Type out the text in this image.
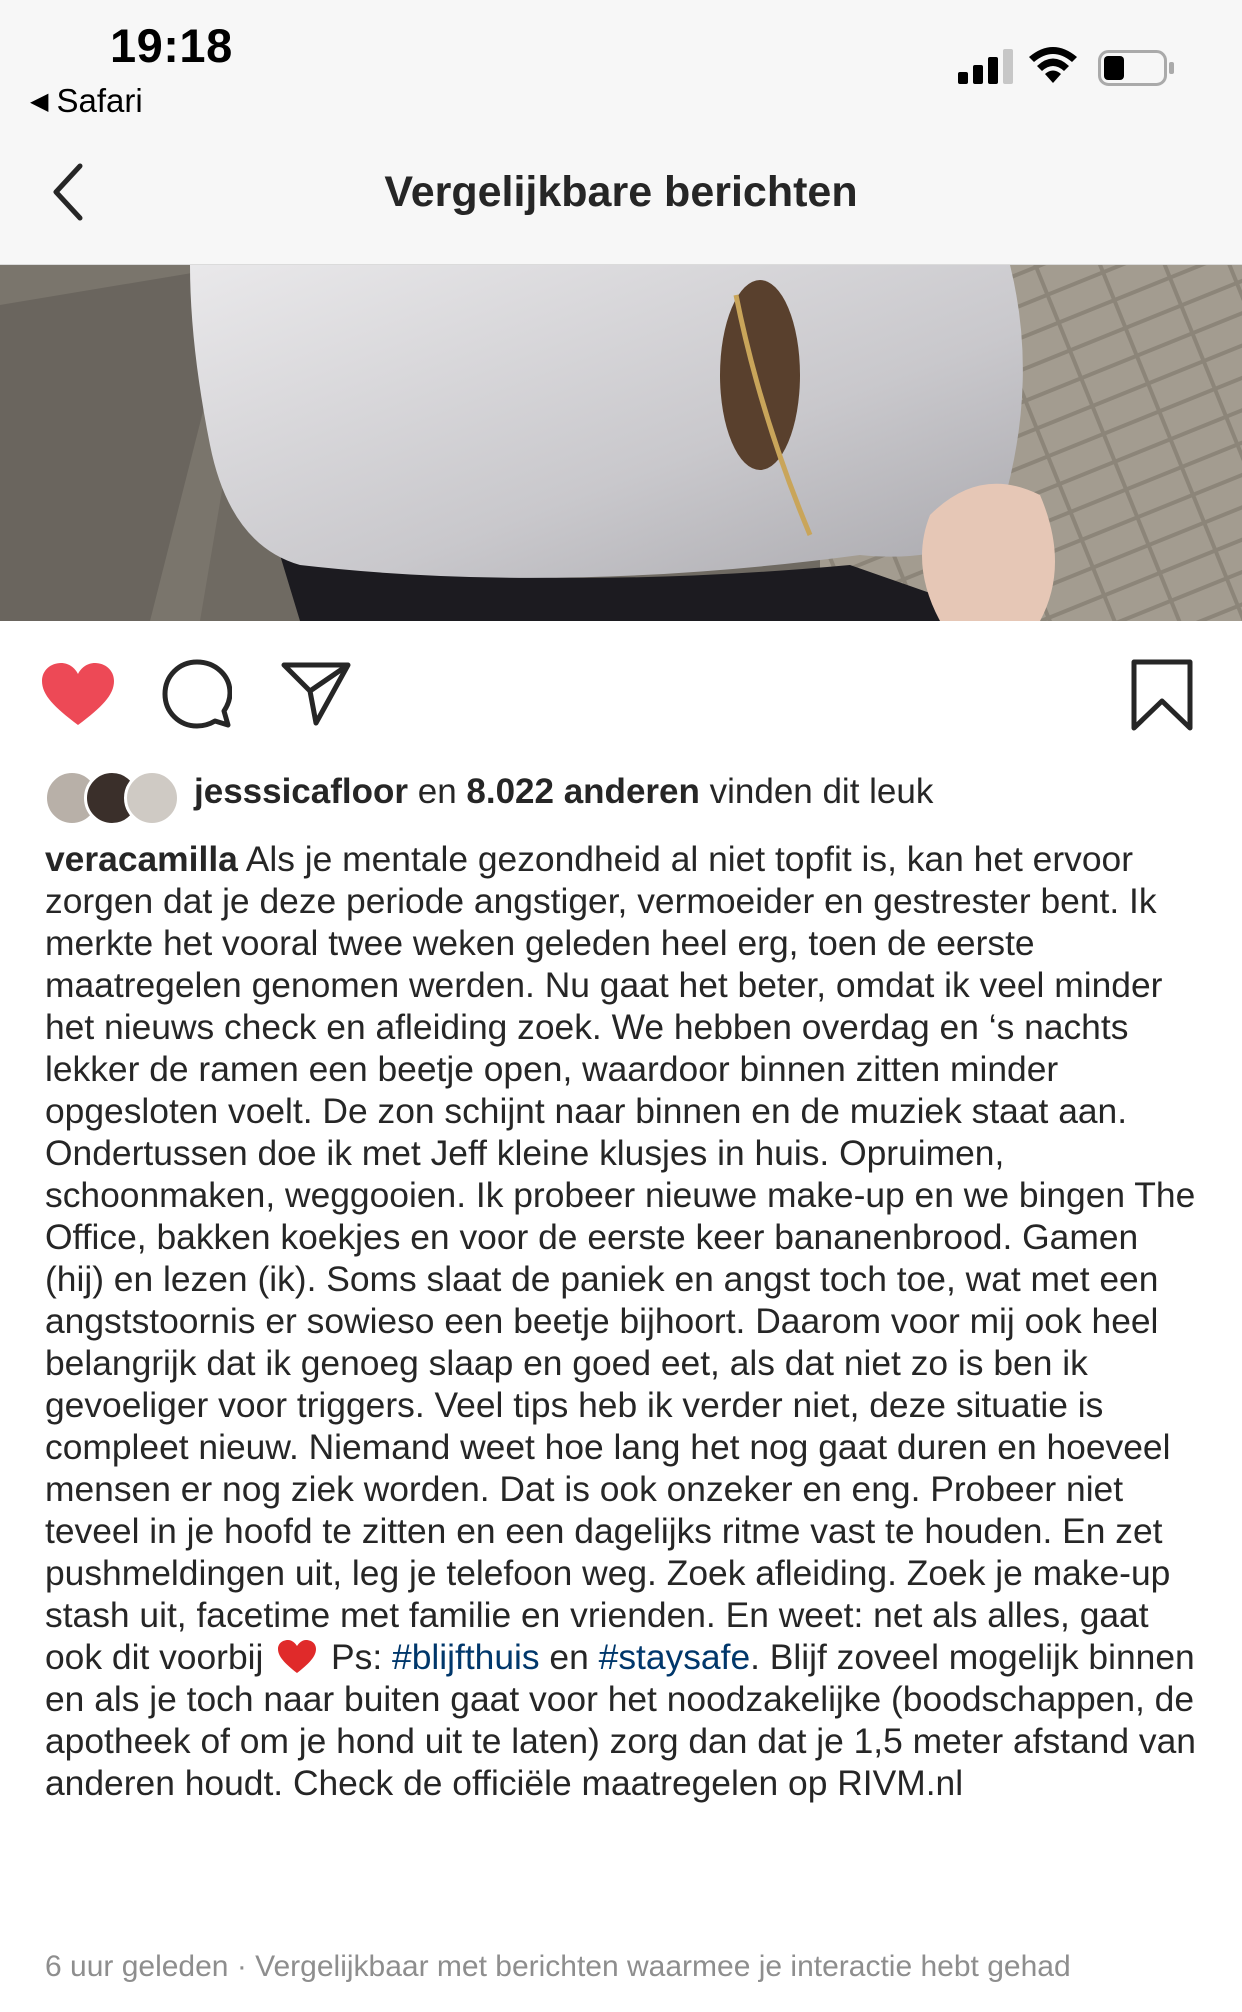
19:18
◀ Safari
Vergelijkbare berichten
jesssicafloor en 8.022 anderen vinden dit leuk
veracamilla Als je mentale gezondheid al niet topfit is, kan het ervoor zorgen dat je deze periode angstiger, vermoeider en gestrester bent. Ik merkte het vooral twee weken geleden heel erg, toen de eerste maatregelen genomen werden. Nu gaat het beter, omdat ik veel minder het nieuws check en afleiding zoek. We hebben overdag en ‘s nachts lekker de ramen een beetje open, waardoor binnen zitten minder opgesloten voelt. De zon schijnt naar binnen en de muziek staat aan. Ondertussen doe ik met Jeff kleine klusjes in huis. Opruimen, schoonmaken, weggooien. Ik probeer nieuwe make-up en we bingen The Office, bakken koekjes en voor de eerste keer bananenbrood. Gamen (hij) en lezen (ik). Soms slaat de paniek en angst toch toe, wat met een angststoornis er sowieso een beetje bijhoort. Daarom voor mij ook heel belangrijk dat ik genoeg slaap en goed eet, als dat niet zo is ben ik gevoeliger voor triggers. Veel tips heb ik verder niet, deze situatie is compleet nieuw. Niemand weet hoe lang het nog gaat duren en hoeveel mensen er nog ziek worden. Dat is ook onzeker en eng. Probeer niet teveel in je hoofd te zitten en een dagelijks ritme vast te houden. En zet pushmeldingen uit, leg je telefoon weg. Zoek afleiding. Zoek je make-up stash uit, facetime met familie en vrienden. En weet: net als alles, gaat ook dit voorbij Ps: #blijfthuis en #staysafe. Blijf zoveel mogelijk binnen en als je toch naar buiten gaat voor het noodzakelijke (boodschappen, de apotheek of om je hond uit te laten) zorg dan dat je 1,5 meter afstand van anderen houdt. Check de officiële maatregelen op RIVM.nl
6 uur geleden · Vergelijkbaar met berichten waarmee je interactie hebt gehad
